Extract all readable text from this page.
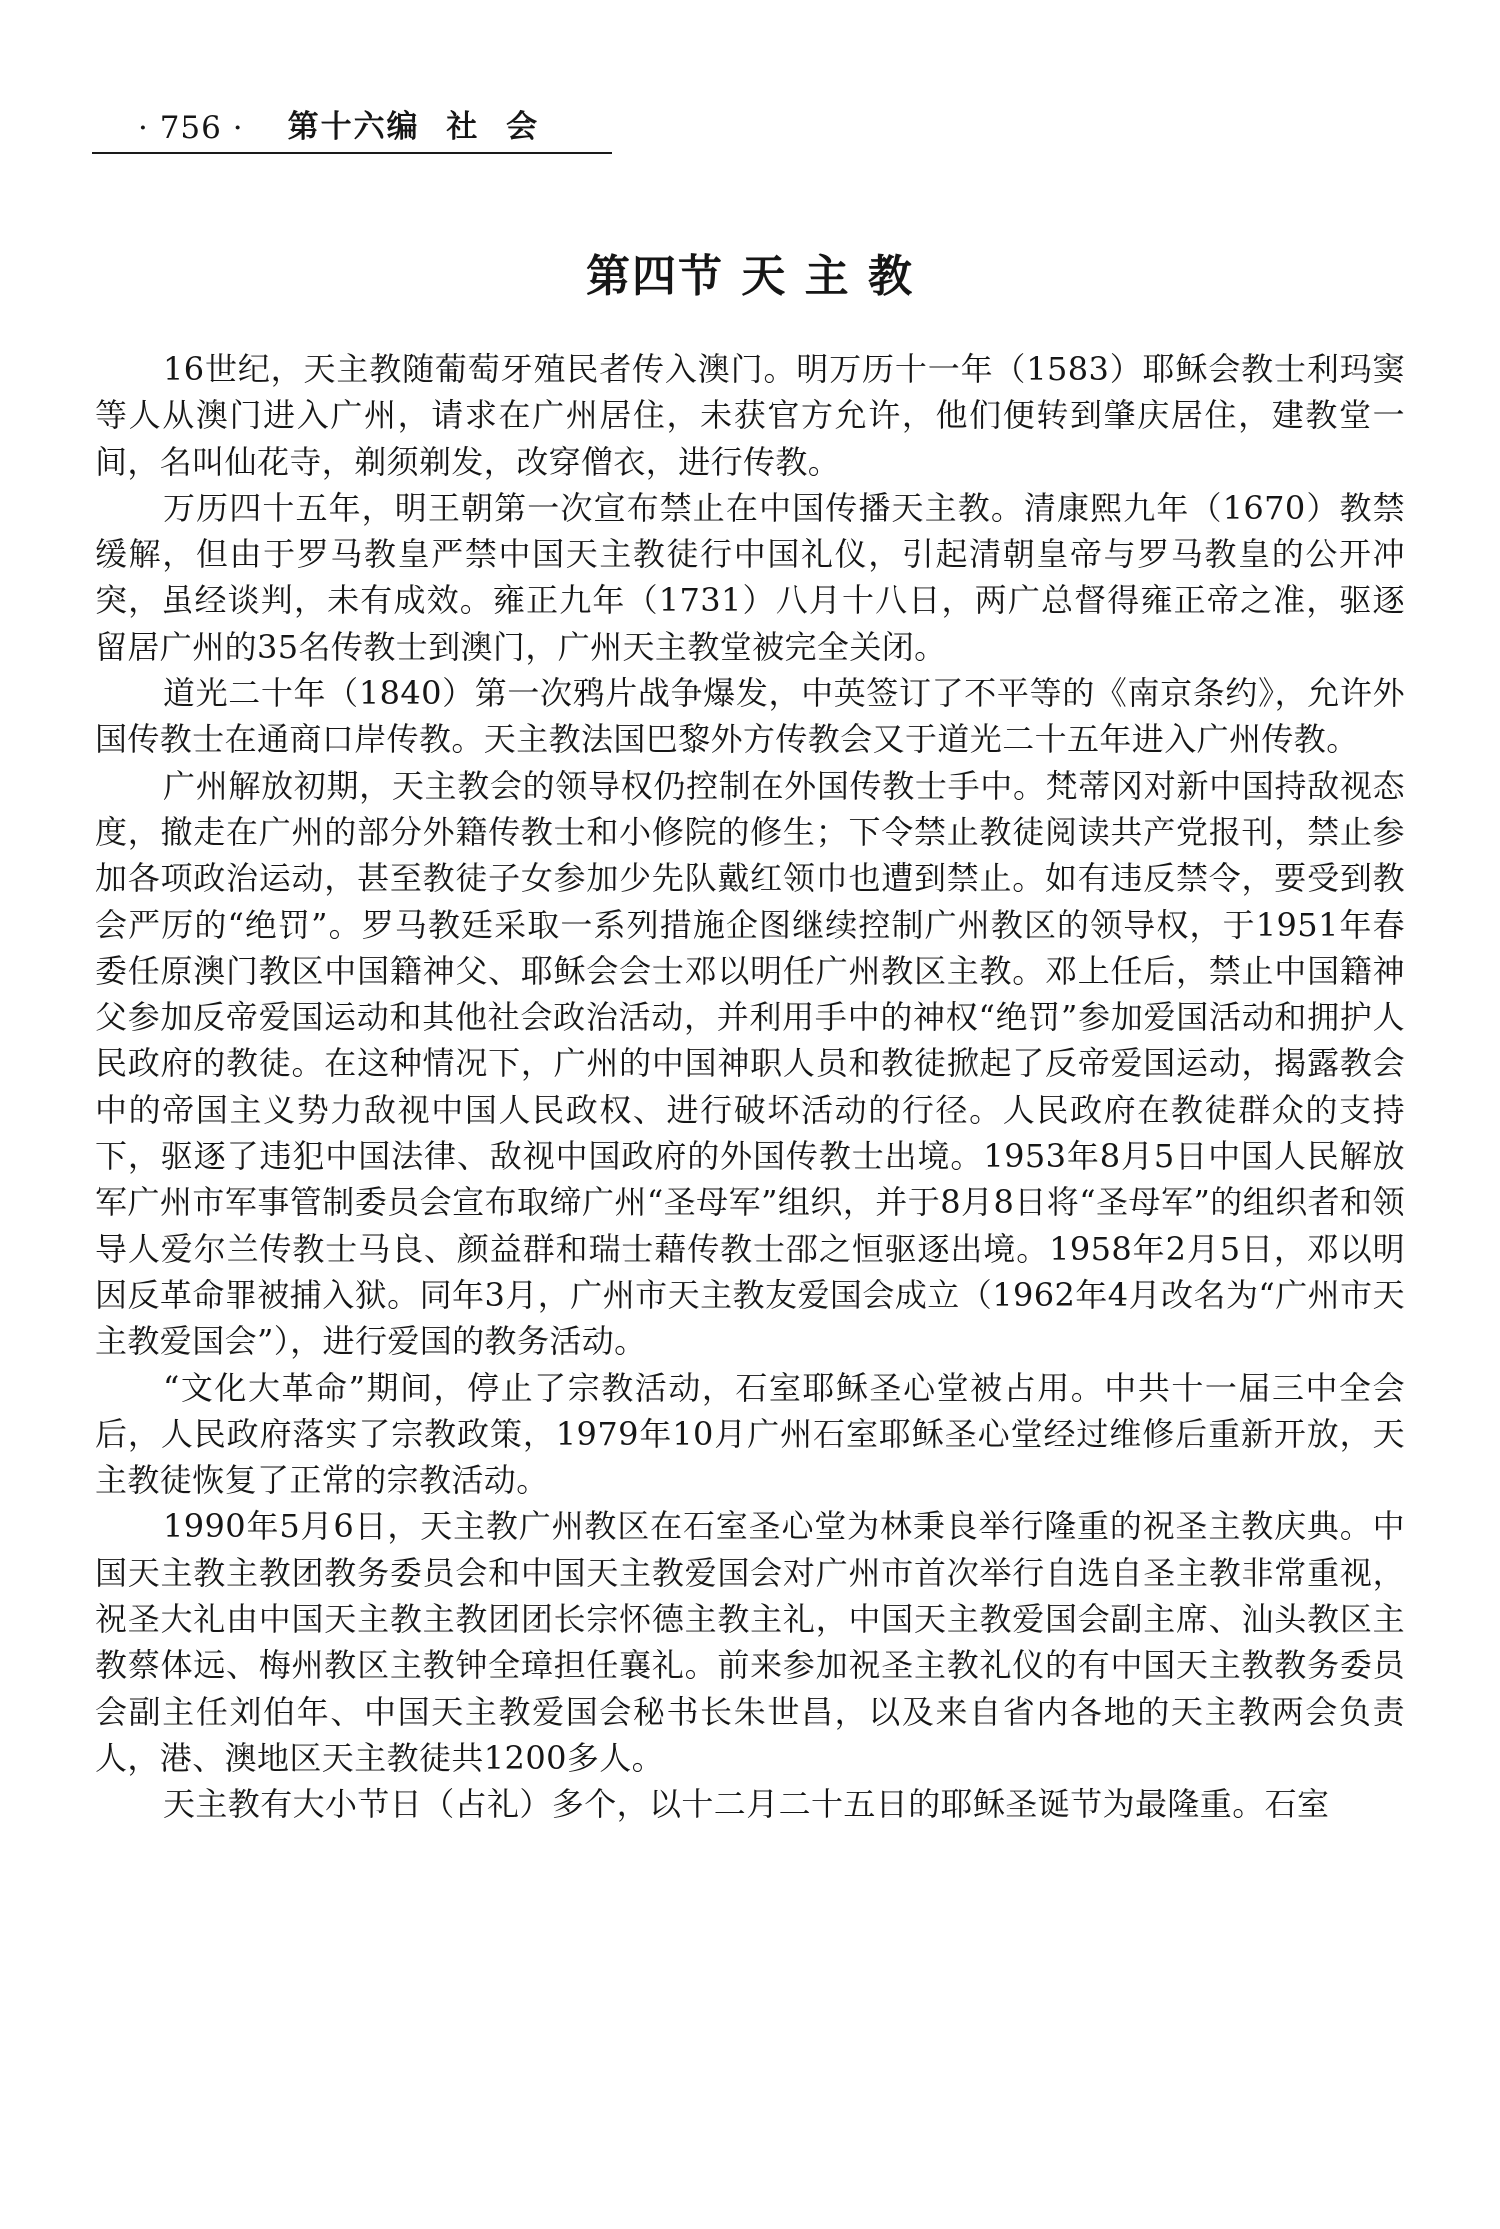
· 756 · 第十六编 社 会
第四节 天 主 教

16世纪，天主教随葡萄牙殖民者传入澳门。明万历十一年（1583）耶稣会教士利玛窦等人从澳门进入广州，请求在广州居住，未获官方允许，他们便转到肇庆居住，建教堂一间，名叫仙花寺，剃须剃发，改穿僧衣，进行传教。

万历四十五年，明王朝第一次宣布禁止在中国传播天主教。清康熙九年（1670）教禁缓解，但由于罗马教皇严禁中国天主教徒行中国礼仪，引起清朝皇帝与罗马教皇的公开冲突，虽经谈判，未有成效。雍正九年（1731）八月十八日，两广总督得雍正帝之准，驱逐留居广州的35名传教士到澳门，广州天主教堂被完全关闭。

道光二十年（1840）第一次鸦片战争爆发，中英签订了不平等的《南京条约》，允许外国传教士在通商口岸传教。天主教法国巴黎外方传教会又于道光二十五年进入广州传教。

广州解放初期，天主教会的领导权仍控制在外国传教士手中。梵蒂冈对新中国持敌视态度，撤走在广州的部分外籍传教士和小修院的修生；下令禁止教徒阅读共产党报刊，禁止参加各项政治运动，甚至教徒子女参加少先队戴红领巾也遭到禁止。如有违反禁令，要受到教会严厉的“绝罚”。罗马教廷采取一系列措施企图继续控制广州教区的领导权，于1951年春委任原澳门教区中国籍神父、耶稣会会士邓以明任广州教区主教。邓上任后，禁止中国籍神父参加反帝爱国运动和其他社会政治活动，并利用手中的神权“绝罚”参加爱国活动和拥护人民政府的教徒。在这种情况下，广州的中国神职人员和教徒掀起了反帝爱国运动，揭露教会中的帝国主义势力敌视中国人民政权、进行破坏活动的行径。人民政府在教徒群众的支持下，驱逐了违犯中国法律、敌视中国政府的外国传教士出境。1953年8月5日中国人民解放军广州市军事管制委员会宣布取缔广州“圣母军”组织，并于8月8日将“圣母军”的组织者和领导人爱尔兰传教士马良、颜益群和瑞士藉传教士邵之恒驱逐出境。1958年2月5日，邓以明因反革命罪被捕入狱。同年3月，广州市天主教友爱国会成立（1962年4月改名为“广州市天主教爱国会”），进行爱国的教务活动。

“文化大革命”期间，停止了宗教活动，石室耶稣圣心堂被占用。中共十一届三中全会后，人民政府落实了宗教政策，1979年10月广州石室耶稣圣心堂经过维修后重新开放，天主教徒恢复了正常的宗教活动。

1990年5月6日，天主教广州教区在石室圣心堂为林秉良举行隆重的祝圣主教庆典。中国天主教主教团教务委员会和中国天主教爱国会对广州市首次举行自选自圣主教非常重视，祝圣大礼由中国天主教主教团团长宗怀德主教主礼，中国天主教爱国会副主席、汕头教区主教蔡体远、梅州教区主教钟全璋担任襄礼。前来参加祝圣主教礼仪的有中国天主教教务委员会副主任刘伯年、中国天主教爱国会秘书长朱世昌，以及来自省内各地的天主教两会负责人，港、澳地区天主教徒共1200多人。

天主教有大小节日（占礼）多个，以十二月二十五日的耶稣圣诞节为最隆重。石室
